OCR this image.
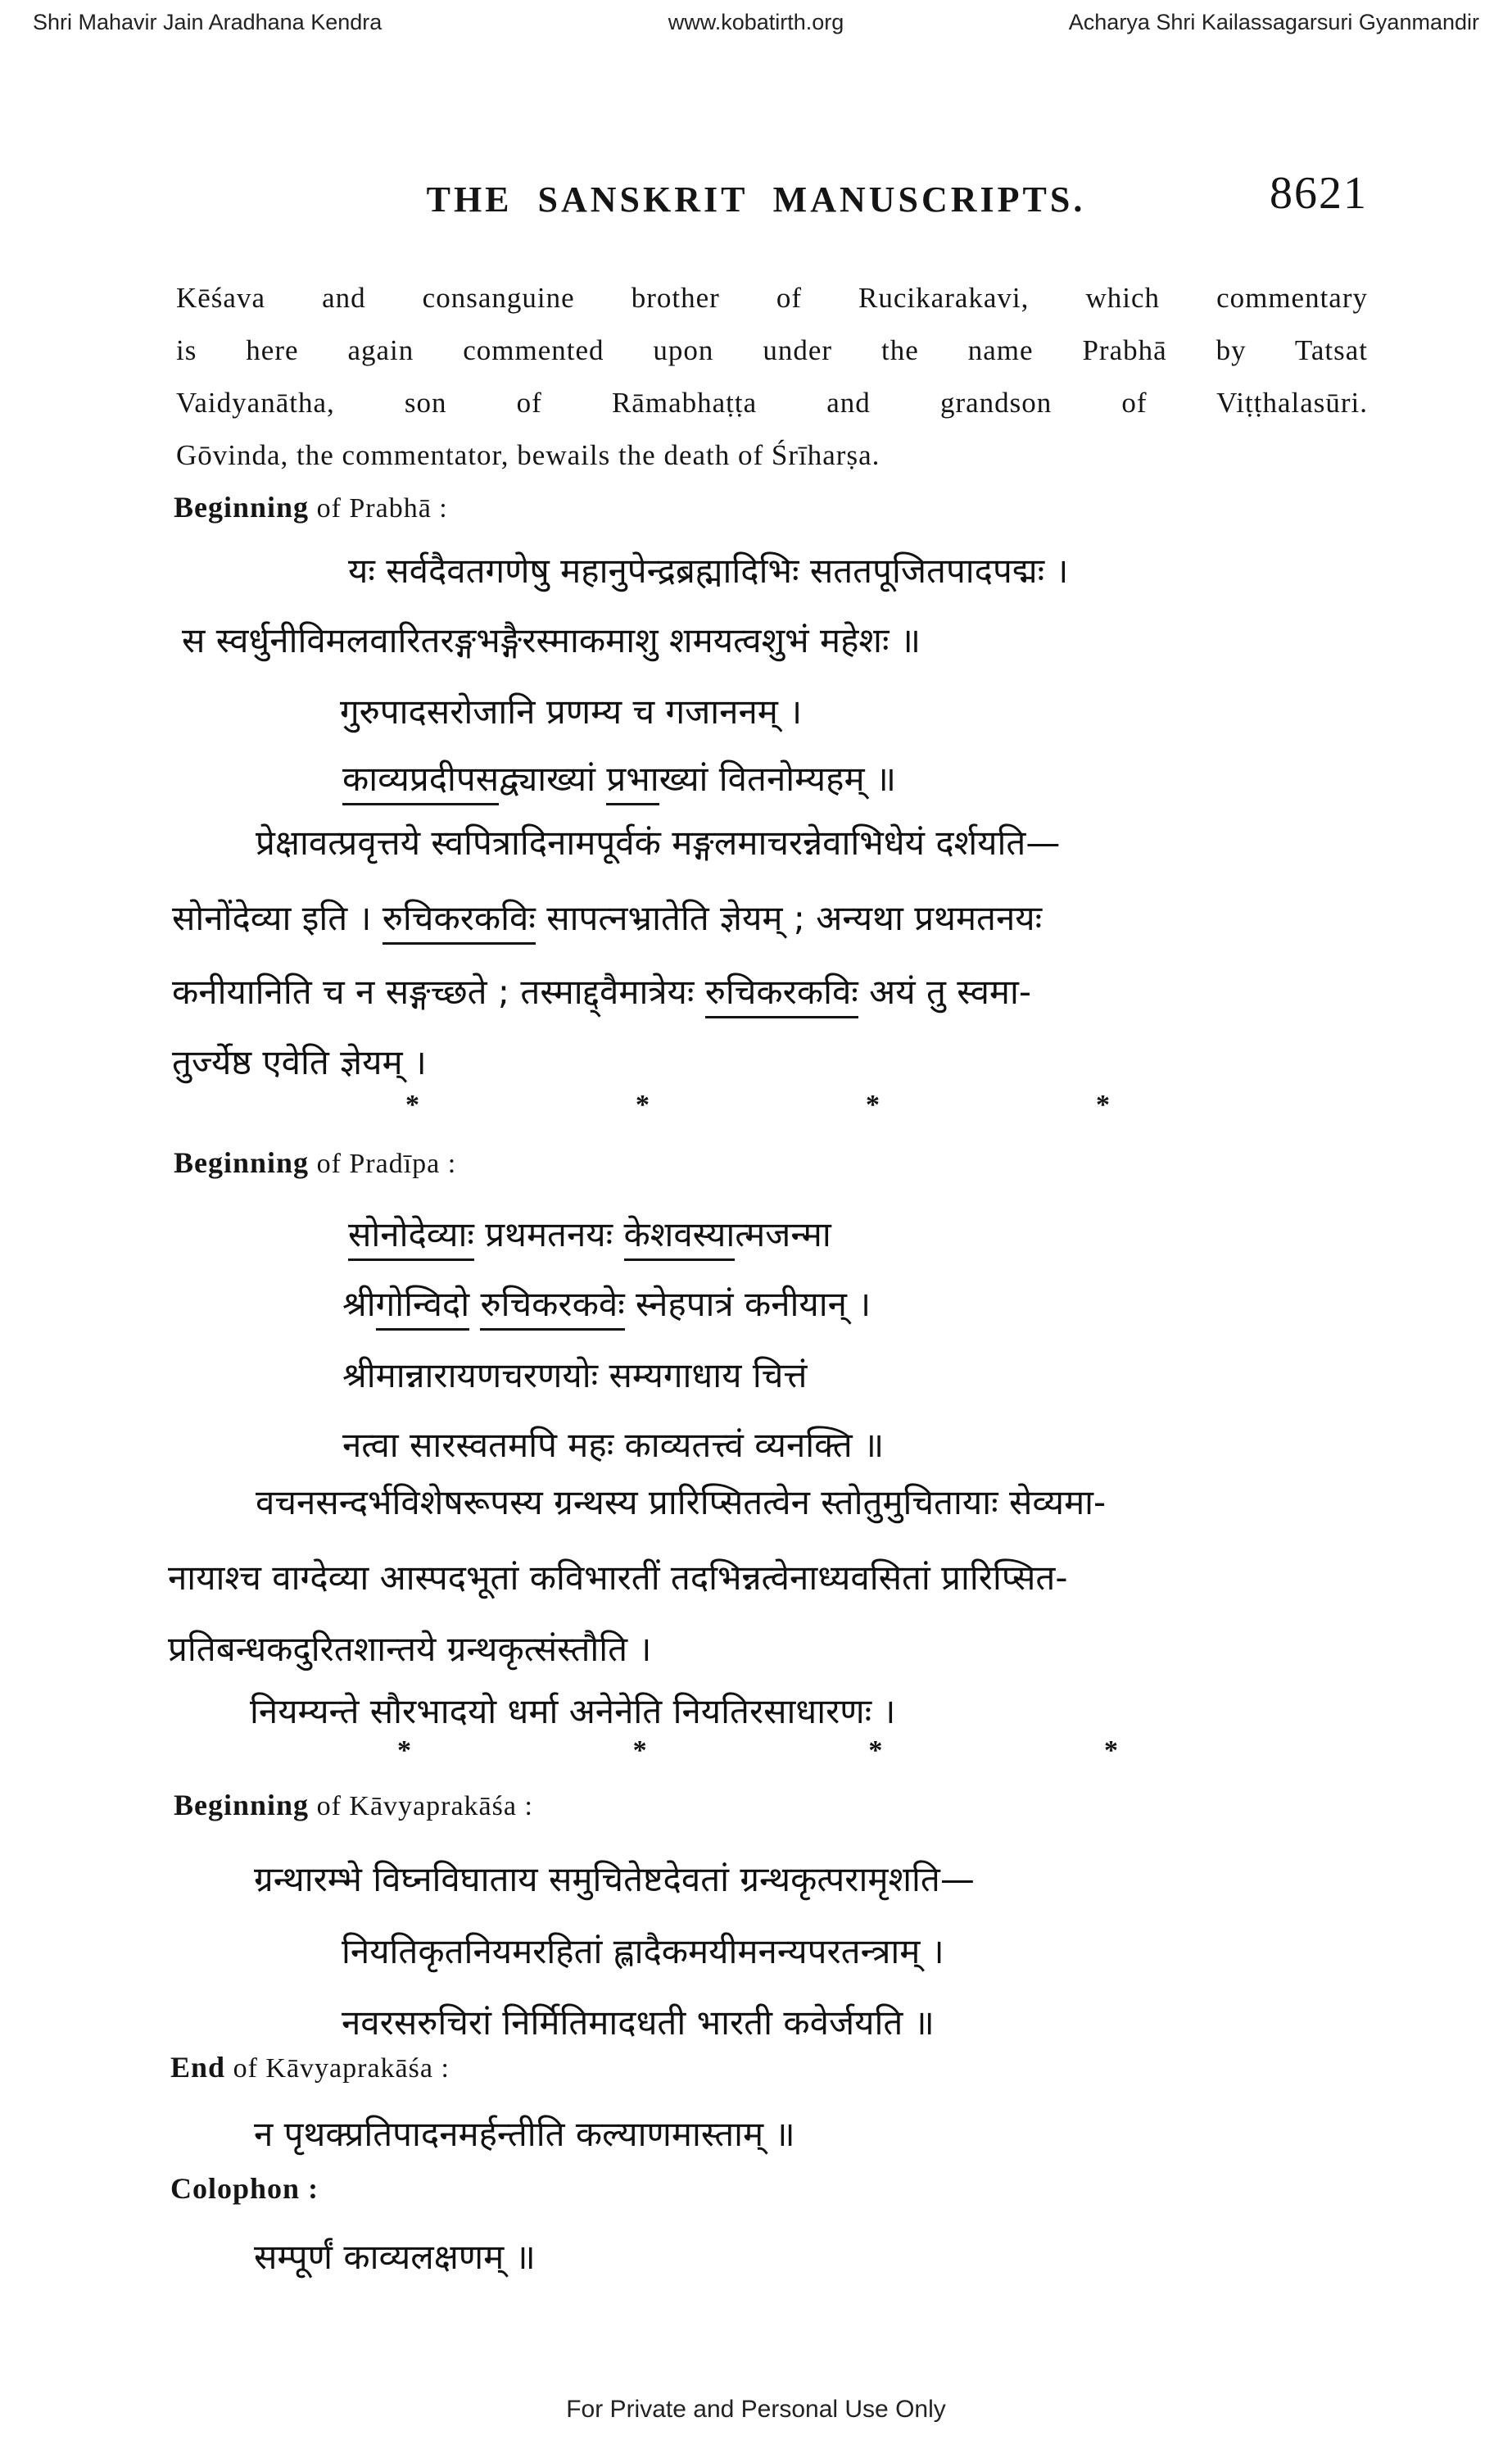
www.kobatirth.org
Shri Mahavir Jain Aradhana Kendra	Acharya Shri Kailassagarsuri Gyanmandir
THE SANSKRIT MANUSCRIPTS.	8621
Kēśava and consanguine brother of Rucikarakavi, which commentary
is here again commented upon under the name Prabhā by Tatsat
Vaidyanātha, son of Rāmabhaṭṭa and grandson of Viṭṭhalasūri.
Gōvinda, the commentator, bewails the death of Śrīharṣa.
Beginning of Prabhā :
यः सर्वदैवतगणेषु महानुपेन्द्रब्रह्मादिभिः सततपूजितपादपद्मः ।
स स्वर्धुनीविमलवारितरङ्गभङ्गैरस्माकमाशु शमयत्वशुभं महेशः ॥
गुरुपादसरोजानि प्रणम्य च गजाननम् ।
काव्यप्रदीपसद्व्याख्यां प्रभाख्यां वितनोम्यहम् ॥
प्रेक्षावत्प्रवृत्तये स्वपित्रादिनामपूर्वकं मङ्गलमाचरन्नेवाभिधेयं दर्शयति—
सोनोंदेव्या इति । रुचिकरकविः सापत्नभ्रातेति ज्ञेयम् ; अन्यथा प्रथमतनयः
कनीयानिति च न सङ्गच्छते ; तस्माद्द्वैमात्रेयः रुचिकरकविः अयं तु स्वमा-
तुर्ज्येष्ठ एवेति ज्ञेयम् ।
*	*	*	*
Beginning of Pradīpa :
सोनोदेव्याः प्रथमतनयः केशवस्यात्मजन्मा
श्रीगोन्विदो रुचिकरकवेः स्नेहपात्रं कनीयान् ।
श्रीमान्नारायणचरणयोः सम्यगाधाय चित्तं
नत्वा सारस्वतमपि महः काव्यतत्त्वं व्यनक्ति ॥
वचनसन्दर्भविशेषरूपस्य ग्रन्थस्य प्रारिप्सितत्वेन स्तोतुमुचितायाः सेव्यमा-
नायाश्च वाग्देव्या आस्पदभूतां कविभारतीं तदभिन्नत्वेनाध्यवसितां प्रारिप्सित-
प्रतिबन्धकदुरितशान्तये ग्रन्थकृत्संस्तौति ।
नियम्यन्ते सौरभादयो धर्मा अनेनेति नियतिरसाधारणः ।
*	*	*	*
Beginning of Kāvyaprakāśa :
ग्रन्थारम्भे विघ्नविघाताय समुचितेष्टदेवतां ग्रन्थकृत्परामृशति—
नियतिकृतनियमरहितां ह्लादैकमयीमनन्यपरतन्त्राम् ।
नवरसरुचिरां निर्मितिमादधती भारती कवेर्जयति ॥
End of Kāvyaprakāśa :
न पृथक्प्रतिपादनमर्हन्तीति कल्याणमास्ताम् ॥
Colophon :
सम्पूर्णं काव्यलक्षणम् ॥
For Private and Personal Use Only
